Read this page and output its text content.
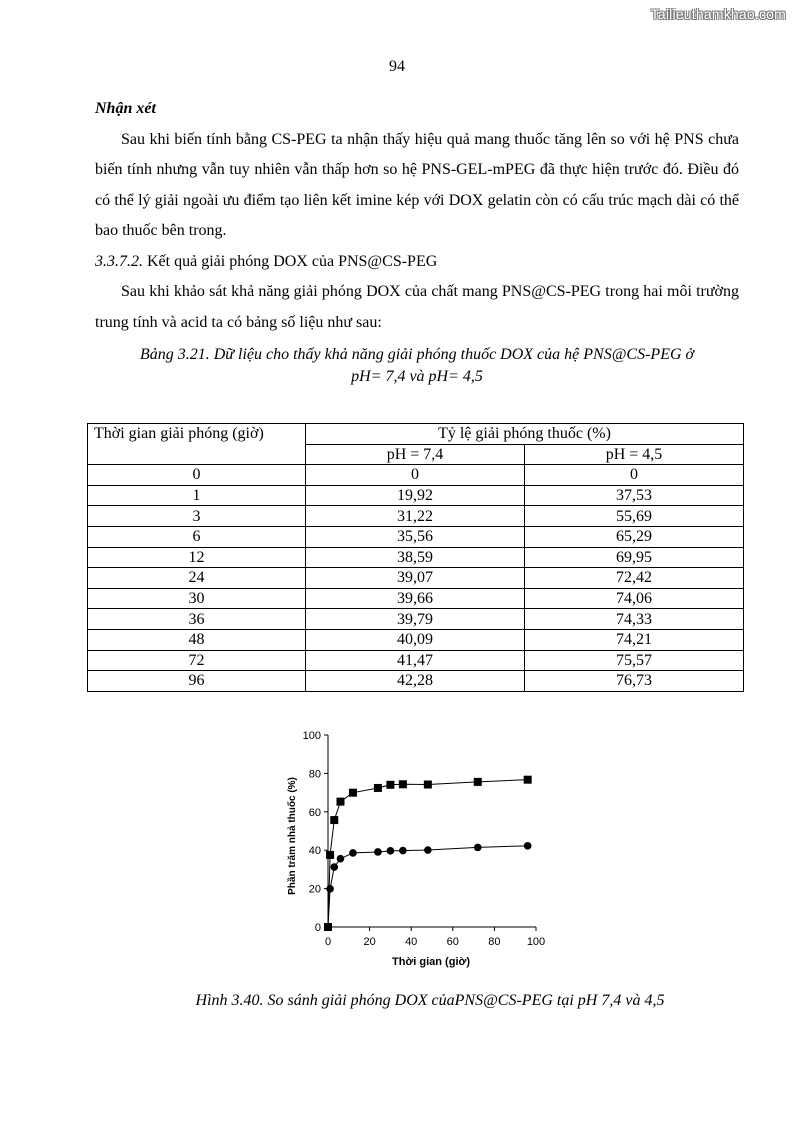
Tailieuthamkhao.com
94

Nhận xét

Sau khi biến tính bằng CS-PEG ta nhận thấy hiệu quả mang thuốc tăng lên so với hệ PNS chưa biến tính nhưng vẫn tuy nhiên vẫn thấp hơn so hệ PNS-GEL-mPEG đã thực hiện trước đó. Điều đó có thể lý giải ngoài ưu điểm tạo liên kết imine kép với DOX gelatin còn có cấu trúc mạch dài có thể bao thuốc bên trong.

3.3.7.2. Kết quả giải phóng DOX của PNS@CS-PEG

Sau khi khảo sát khả năng giải phóng DOX của chất mang PNS@CS-PEG trong hai môi trường trung tính và acid ta có bảng số liệu như sau:

Bảng 3.21. Dữ liệu cho thấy khả năng giải phóng thuốc DOX của hệ PNS@CS-PEG ở
pH= 7,4 và pH= 4,5
Thời gian giải phóng (giờ)	Tỷ lệ giải phóng thuốc (%)	
	pH = 7,4	pH = 4,5
0	0	0
1	19,92	37,53
3	31,22	55,69
6	35,56	65,29
12	38,59	69,95
24	39,07	72,42
30	39,66	74,06
36	39,79	74,33
48	40,09	74,21
72	41,47	75,57
96	42,28	76,73
0
20
40
60
80
100
0	20	40	60	80 100
Thời gian (giờ)
Phần trăm nhả thuốc (%)
Hình 3.40. So sánh giải phóng DOX củaPNS@CS-PEG tại pH 7,4 và 4,5
